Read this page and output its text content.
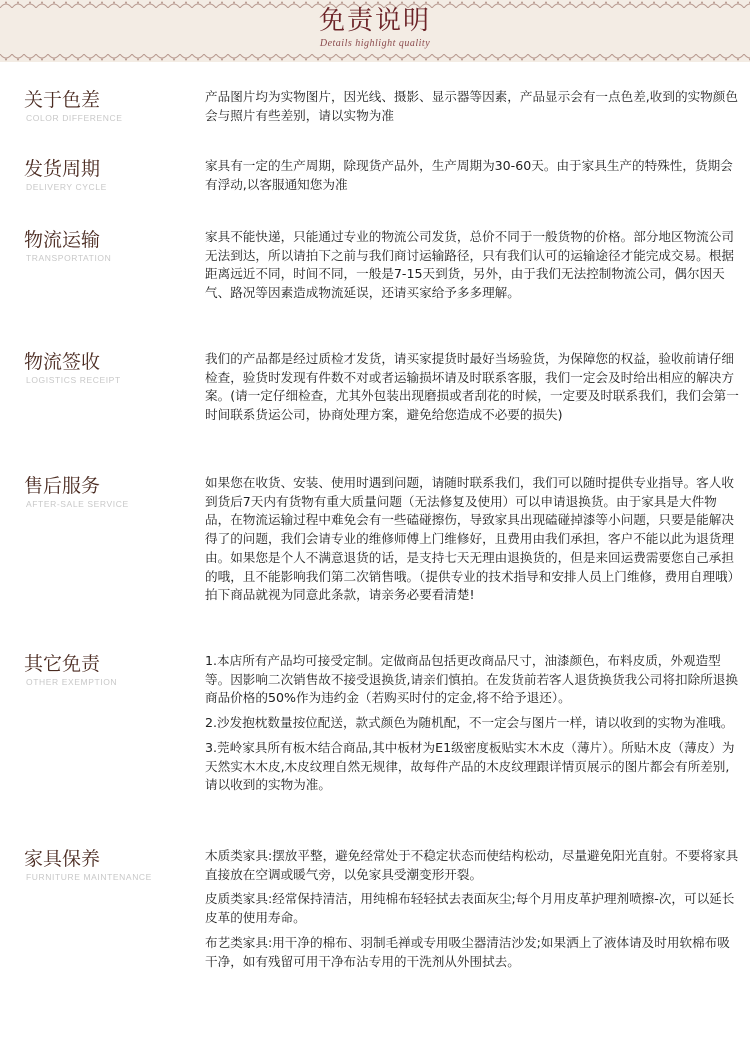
免责说明
Details highlight quality
关于色差
COLOR DIFFERENCE

产品图片均为实物图片，因光线、摄影、显示器等因素，产品显示会有一点色差,收到的实物颜色会与照片有些差别，请以实物为准

发货周期
DELIVERY CYCLE

家具有一定的生产周期，除现货产品外，生产周期为30-60天。由于家具生产的特殊性，货期会有浮动,以客服通知您为准

物流运输
TRANSPORTATION

家具不能快递，只能通过专业的物流公司发货，总价不同于一般货物的价格。部分地区物流公司无法到达，所以请拍下之前与我们商讨运输路径，只有我们认可的运输途径才能完成交易。根据距离远近不同，时间不同，一般是7-15天到货，另外，由于我们无法控制物流公司，偶尔因天气、路况等因素造成物流延误，还请买家给予多多理解。

物流签收
LOGISTICS RECEIPT

我们的产品都是经过质检才发货，请买家提货时最好当场验货，为保障您的权益，验收前请仔细检查，验货时发现有件数不对或者运输损坏请及时联系客服，我们一定会及时给出相应的解决方案。(请一定仔细检查，尤其外包装出现磨损或者刮花的时候，一定要及时联系我们，我们会第一时间联系货运公司，协商处理方案，避免给您造成不必要的损失)

售后服务
AFTER-SALE SERVICE

如果您在收货、安装、使用时遇到问题，请随时联系我们，我们可以随时提供专业指导。客人收到货后7天内有货物有重大质量问题（无法修复及使用）可以申请退换货。由于家具是大件物品，在物流运输过程中难免会有一些磕碰擦伤，导致家具出现磕碰掉漆等小问题，只要是能解决得了的问题，我们会请专业的维修师傅上门维修好，且费用由我们承担，客户不能以此为退货理由。如果您是个人不满意退货的话，是支持七天无理由退换货的，但是来回运费需要您自己承担的哦，且不能影响我们第二次销售哦。（提供专业的技术指导和安排人员上门维修，费用自理哦）拍下商品就视为同意此条款，请亲务必要看清楚!

其它免责
OTHER EXEMPTION

1.本店所有产品均可接受定制。定做商品包括更改商品尺寸，油漆颜色，布料皮质，外观造型等。因影响二次销售故不接受退换货,请亲们慎拍。在发货前若客人退货换货我公司将扣除所退换商品价格的50%作为违约金（若购买时付的定金,将不给予退还）。

2.沙发抱枕数量按位配送，款式颜色为随机配，不一定会与图片一样，请以收到的实物为准哦。

3.莞岭家具所有板木结合商品,其中板材为E1级密度板贴实木木皮（薄片）。所贴木皮（薄皮）为天然实木木皮,木皮纹理自然无规律，故每件产品的木皮纹理跟详情页展示的图片都会有所差别,请以收到的实物为准。

家具保养
FURNITURE MAINTENANCE

木质类家具:摆放平整，避免经常处于不稳定状态而使结构松动，尽量避免阳光直射。不要将家具直接放在空调或暖气旁，以免家具受潮变形开裂。

皮质类家具:经常保持清洁，用纯棉布轻轻拭去表面灰尘;每个月用皮革护理剂喷擦-次，可以延长皮革的使用寿命。

布艺类家具:用干净的棉布、羽制毛禅或专用吸尘器清洁沙发;如果洒上了液体请及时用软棉布吸干净，如有残留可用干净布沾专用的干洗剂从外围拭去。
